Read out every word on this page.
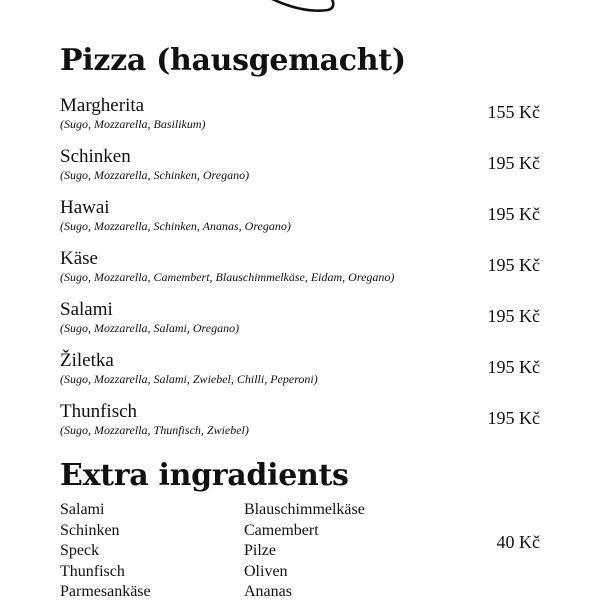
Pizza (hausgemacht)
Margherita
(Sugo, Mozzarella, Basilikum)
155 Kč
Schinken
(Sugo, Mozzarella, Schinken, Oregano)
195 Kč
Hawai
(Sugo, Mozzarella, Schinken, Ananas, Oregano)
195 Kč
Käse
(Sugo, Mozzarella, Camembert, Blauschimmelkäse, Eidam, Oregano)
195 Kč
Salami
(Sugo, Mozzarella, Salami, Oregano)
195 Kč
Žiletka
(Sugo, Mozzarella, Salami, Zwiebel, Chilli, Peperoni)
195 Kč
Thunfisch
(Sugo, Mozzarella, Thunfisch, Zwiebel)
195 Kč
Extra ingradients
Salami
Schinken
Speck
Thunfisch
Parmesankäse
Blauschimmelkäse
Camembert
Pilze
Oliven
Ananas
40 Kč
